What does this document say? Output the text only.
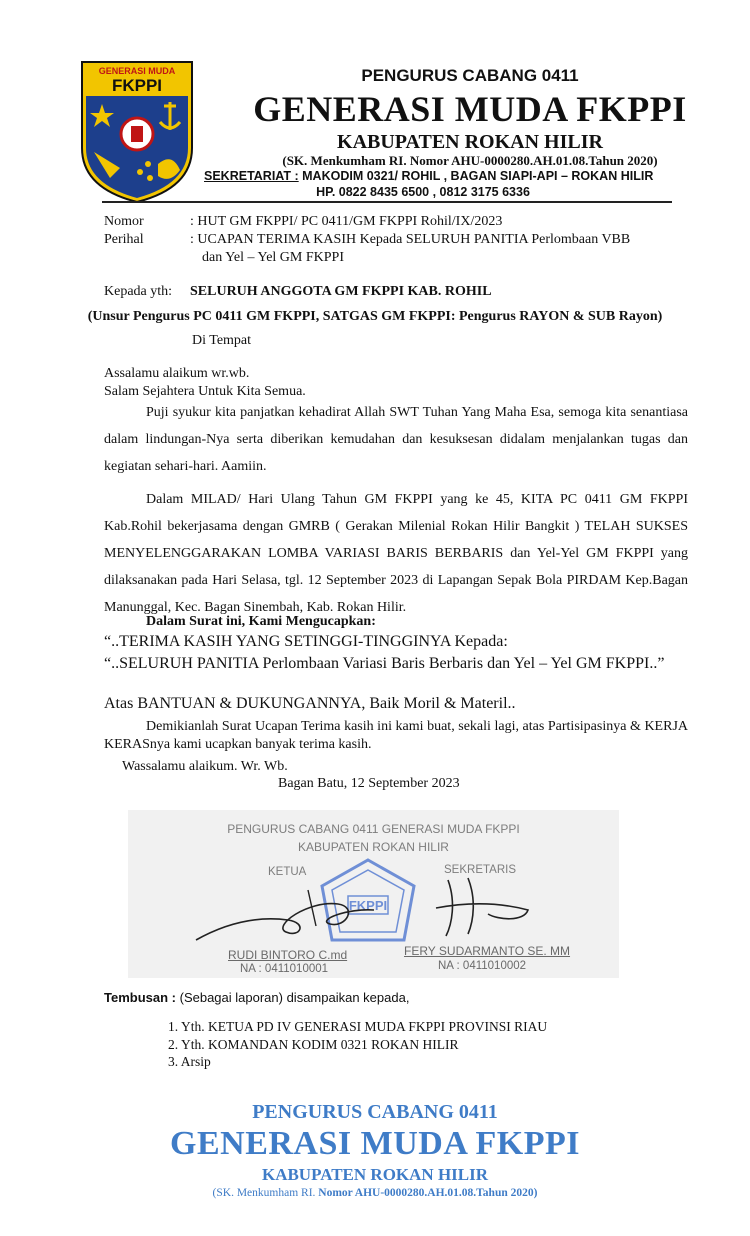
GENERASI MUDA
FKPPI
PENGURUS CABANG 0411
GENERASI MUDA FKPPI
KABUPATEN ROKAN HILIR
(SK. Menkumham RI. Nomor AHU-0000280.AH.01.08.Tahun 2020)
SEKRETARIAT : MAKODIM 0321/ ROHIL , BAGAN SIAPI-API – ROKAN HILIR
HP. 0822 8435 6500 , 0812 3175 6336
Nomor	: HUT GM FKPPI/ PC 0411/GM FKPPI Rohil/IX/2023
Perihal	: UCAPAN TERIMA KASIH Kepada SELURUH PANITIA Perlombaan VBB
dan Yel – Yel GM FKPPI
Kepada yth: SELURUH ANGGOTA GM FKPPI KAB. ROHIL
(Unsur Pengurus PC 0411 GM FKPPI, SATGAS GM FKPPI: Pengurus RAYON & SUB Rayon)
Di Tempat
Assalamu alaikum wr.wb.
Salam Sejahtera Untuk Kita Semua.
Puji syukur kita panjatkan kehadirat Allah SWT Tuhan Yang Maha Esa, semoga kita senantiasa dalam lindungan-Nya serta diberikan kemudahan dan kesuksesan didalam menjalankan tugas dan kegiatan sehari-hari. Aamiin.
Dalam MILAD/ Hari Ulang Tahun GM FKPPI yang ke 45, KITA PC 0411 GM FKPPI Kab.Rohil bekerjasama dengan GMRB ( Gerakan Milenial Rokan Hilir Bangkit ) TELAH SUKSES MENYELENGGARAKAN LOMBA VARIASI BARIS BERBARIS dan Yel-Yel GM FKPPI yang dilaksanakan pada Hari Selasa, tgl. 12 September 2023 di Lapangan Sepak Bola PIRDAM Kep.Bagan Manunggal, Kec. Bagan Sinembah, Kab. Rokan Hilir.
Dalam Surat ini, Kami Mengucapkan:
“..TERIMA KASIH YANG SETINGGI-TINGGINYA Kepada:
“..SELURUH PANITIA Perlombaan Variasi Baris Berbaris dan Yel – Yel GM FKPPI..”
Atas BANTUAN & DUKUNGANNYA, Baik Moril & Materil..
Demikianlah Surat Ucapan Terima kasih ini kami buat, sekali lagi, atas Partisipasinya & KERJA KERASnya kami ucapkan banyak terima kasih.
Wassalamu alaikum. Wr. Wb.
Bagan Batu, 12 September 2023
PENGURUS CABANG 0411 GENERASI MUDA FKPPI
KABUPATEN ROKAN HILIR
KETUA	SEKRETARIS
FKPPI
RUDI BINTORO C.md
NA : 0411010001
FERY SUDARMANTO SE. MM
NA : 0411010002
Tembusan : (Sebagai laporan) disampaikan kepada,
1. Yth. KETUA PD IV GENERASI MUDA FKPPI PROVINSI RIAU
2. Yth. KOMANDAN KODIM 0321 ROKAN HILIR
3. Arsip
PENGURUS CABANG 0411
GENERASI MUDA FKPPI
KABUPATEN ROKAN HILIR
(SK. Menkumham RI. Nomor AHU-0000280.AH.01.08.Tahun 2020)
